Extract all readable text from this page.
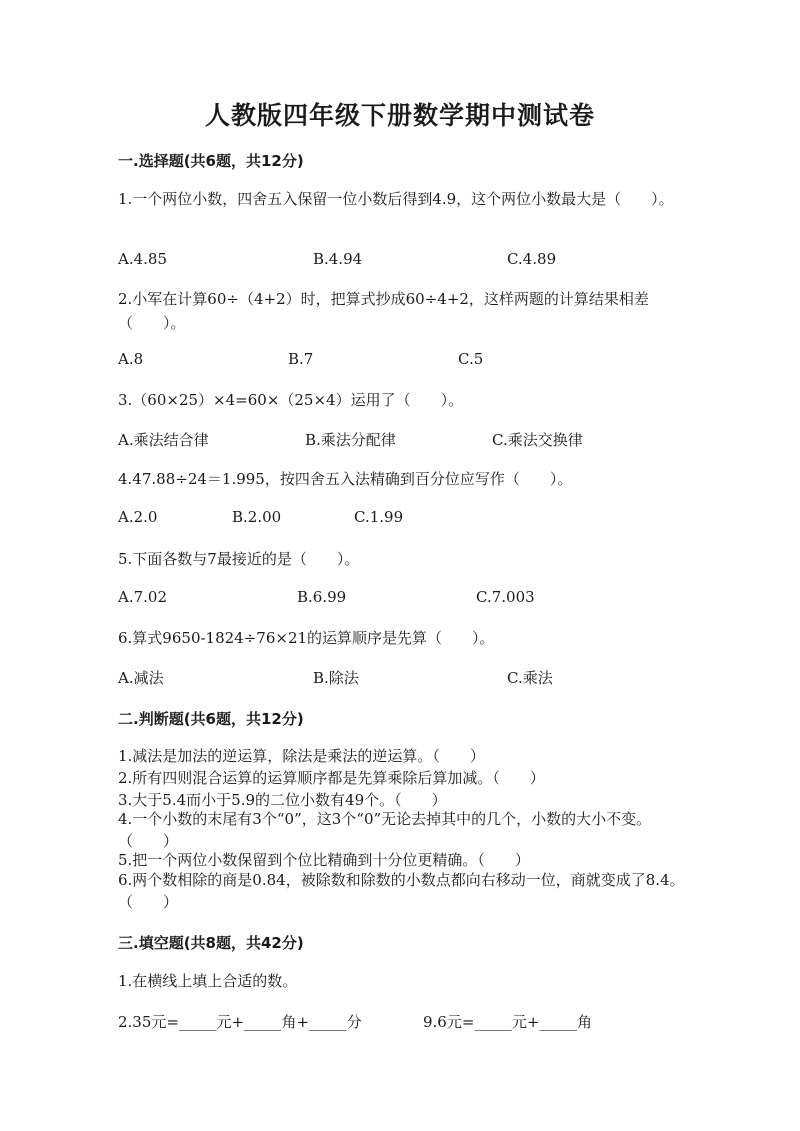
人教版四年级下册数学期中测试卷
一.选择题(共6题，共12分)
1.一个两位小数，四舍五入保留一位小数后得到4.9，这个两位小数最大是（　　）。
A.4.85	B.4.94	C.4.89
2.小军在计算60÷（4+2）时，把算式抄成60÷4+2，这样两题的计算结果相差（　　）。
A.8	B.7	C.5
3.（60×25）×4=60×（25×4）运用了（　　）。
A.乘法结合律	B.乘法分配律	C.乘法交换律
4.47.88÷24＝1.995，按四舍五入法精确到百分位应写作（　　）。
A.2.0	B.2.00	C.1.99
5.下面各数与7最接近的是（　　）。
A.7.02	B.6.99	C.7.003
6.算式9650-1824÷76×21的运算顺序是先算（　　）。
A.减法	B.除法	C.乘法
二.判断题(共6题，共12分)
1.减法是加法的逆运算，除法是乘法的逆运算。（　　）
2.所有四则混合运算的运算顺序都是先算乘除后算加减。（　　）
3.大于5.4而小于5.9的二位小数有49个。（　　）
4.一个小数的末尾有3个“0”，这3个“0”无论去掉其中的几个，小数的大小不变。（　　）
5.把一个两位小数保留到个位比精确到十分位更精确。（　　）
6.两个数相除的商是0.84，被除数和除数的小数点都向右移动一位，商就变成了8.4。（　　）
三.填空题(共8题，共42分)
1.在横线上填上合适的数。
2.35元=_____元+_____角+_____分	9.6元=_____元+_____角
